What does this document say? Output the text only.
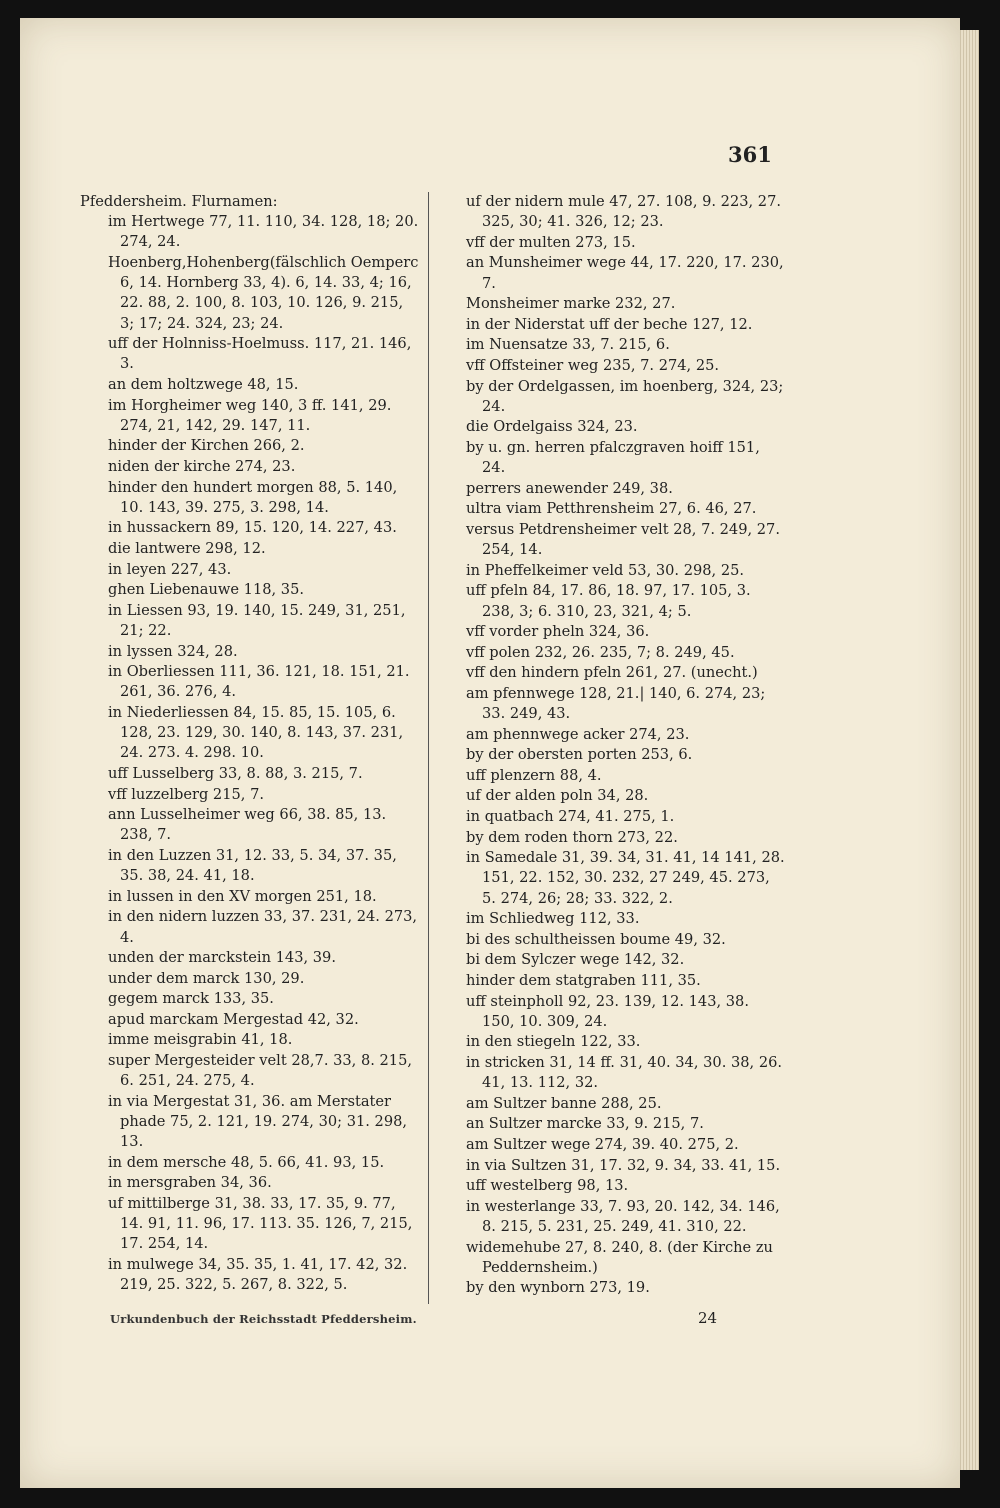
361

Pfeddersheim. Flurnamen:

im Hertwege 77, 11. 110, 34. 128, 18; 20. 274, 24.

Hoenberg,Hohenberg(fälschlich Oemperc 6, 14. Hornberg 33, 4). 6, 14. 33, 4; 16, 22. 88, 2. 100, 8. 103, 10. 126, 9. 215, 3; 17; 24. 324, 23; 24.

uff der Holnniss-Hoelmuss. 117, 21. 146, 3.

an dem holtzwege 48, 15.

im Horgheimer weg 140, 3 ff. 141, 29. 274, 21, 142, 29. 147, 11.

hinder der Kirchen 266, 2.

niden der kirche 274, 23.

hinder den hundert morgen 88, 5. 140, 10. 143, 39. 275, 3. 298, 14.

in hussackern 89, 15. 120, 14. 227, 43.

die lantwere 298, 12.

in leyen 227, 43.

ghen Liebenauwe 118, 35.

in Liessen 93, 19. 140, 15. 249, 31, 251, 21; 22.

in lyssen 324, 28.

in Oberliessen 111, 36. 121, 18. 151, 21. 261, 36. 276, 4.

in Niederliessen 84, 15. 85, 15. 105, 6. 128, 23. 129, 30. 140, 8. 143, 37. 231, 24. 273. 4. 298. 10.

uff Lusselberg 33, 8. 88, 3. 215, 7.

vff luzzelberg 215, 7.

ann Lusselheimer weg 66, 38. 85, 13. 238, 7.

in den Luzzen 31, 12. 33, 5. 34, 37. 35, 35. 38, 24. 41, 18.

in lussen in den XV morgen 251, 18.

in den nidern luzzen 33, 37. 231, 24. 273, 4.

unden der marckstein 143, 39.

under dem marck 130, 29.

gegem marck 133, 35.

apud marckam Mergestad 42, 32.

imme meisgrabin 41, 18.

super Mergesteider velt 28,7. 33, 8. 215, 6. 251, 24. 275, 4.

in via Mergestat 31, 36. am Merstater phade 75, 2. 121, 19. 274, 30; 31. 298, 13.

in dem mersche 48, 5. 66, 41. 93, 15.

in mersgraben 34, 36.

uf mittilberge 31, 38. 33, 17. 35, 9. 77, 14. 91, 11. 96, 17. 113. 35. 126, 7, 215, 17. 254, 14.

in mulwege 34, 35. 35, 1. 41, 17. 42, 32. 219, 25. 322, 5. 267, 8. 322, 5.

uf der nidern mule 47, 27. 108, 9. 223, 27. 325, 30; 41. 326, 12; 23.

vff der multen 273, 15.

an Munsheimer wege 44, 17. 220, 17. 230, 7.

Monsheimer marke 232, 27.

in der Niderstat uff der beche 127, 12.

im Nuensatze 33, 7. 215, 6.

vff Offsteiner weg 235, 7. 274, 25.

by der Ordelgassen, im hoenberg, 324, 23; 24.

die Ordelgaiss 324, 23.

by u. gn. herren pfalczgraven hoiff 151, 24.

perrers anewender 249, 38.

ultra viam Petthrensheim 27, 6. 46, 27.

versus Petdrensheimer velt 28, 7. 249, 27. 254, 14.

in Pheffelkeimer veld 53, 30. 298, 25.

uff pfeln 84, 17. 86, 18. 97, 17. 105, 3. 238, 3; 6. 310, 23, 321, 4; 5.

vff vorder pheln 324, 36.

vff polen 232, 26. 235, 7; 8. 249, 45.

vff den hindern pfeln 261, 27. (unecht.)

am pfennwege 128, 21.| 140, 6. 274, 23; 33. 249, 43.

am phennwege acker 274, 23.

by der obersten porten 253, 6.

uff plenzern 88, 4.

uf der alden poln 34, 28.

in quatbach 274, 41. 275, 1.

by dem roden thorn 273, 22.

in Samedale 31, 39. 34, 31. 41, 14 141, 28. 151, 22. 152, 30. 232, 27 249, 45. 273, 5. 274, 26; 28; 33. 322, 2.

im Schliedweg 112, 33.

bi des schultheissen boume 49, 32.

bi dem Sylczer wege 142, 32.

hinder dem statgraben 111, 35.

uff steinpholl 92, 23. 139, 12. 143, 38. 150, 10. 309, 24.

in den stiegeln 122, 33.

in stricken 31, 14 ff. 31, 40. 34, 30. 38, 26. 41, 13. 112, 32.

am Sultzer banne 288, 25.

an Sultzer marcke 33, 9. 215, 7.

am Sultzer wege 274, 39. 40. 275, 2.

in via Sultzen 31, 17. 32, 9. 34, 33. 41, 15.

uff westelberg 98, 13.

in westerlange 33, 7. 93, 20. 142, 34. 146, 8. 215, 5. 231, 25. 249, 41. 310, 22.

widemehube 27, 8. 240, 8. (der Kirche zu Peddernsheim.)

by den wynborn 273, 19.

Urkundenbuch der Reichsstadt Pfeddersheim.	24
